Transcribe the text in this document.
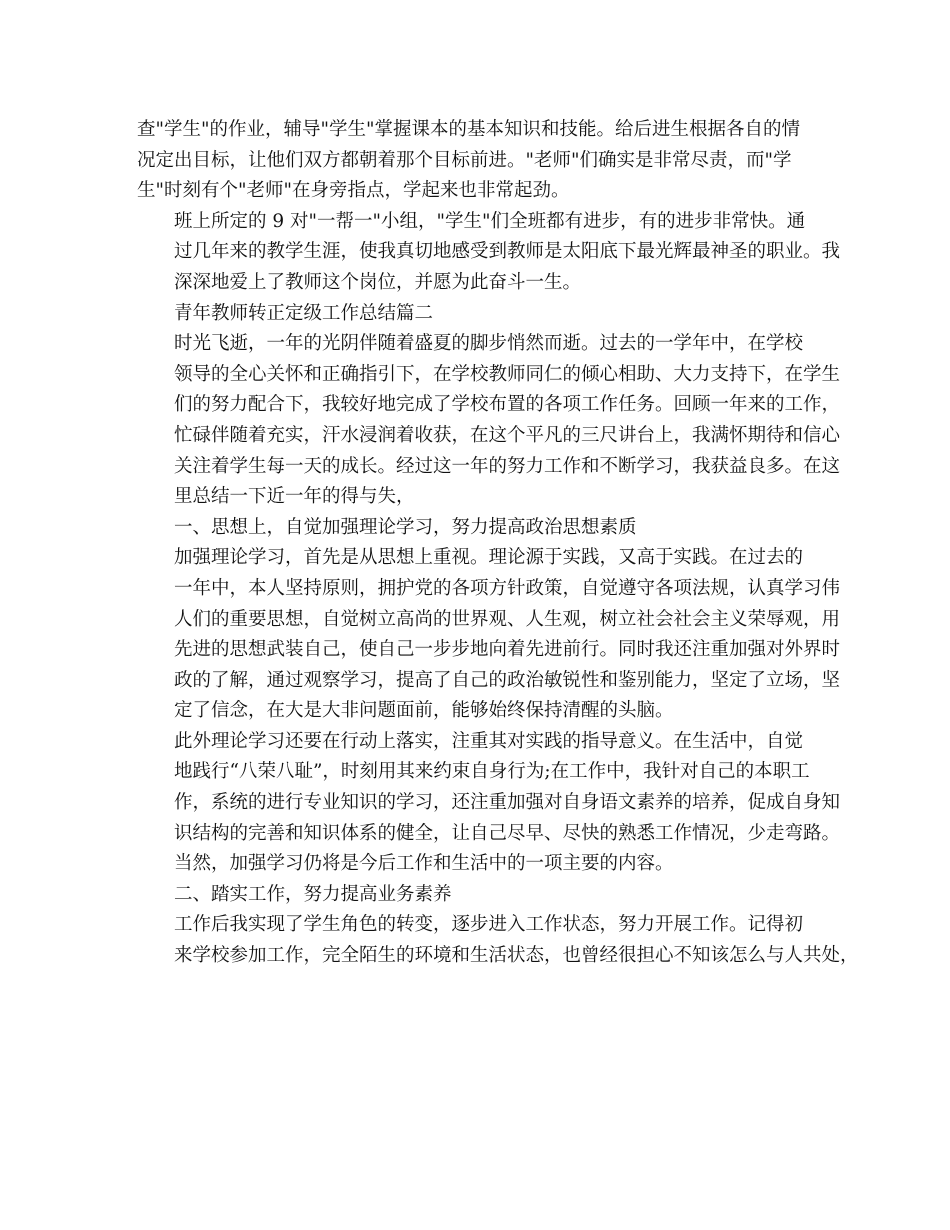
查"学生"的作业，辅导"学生"掌握课本的基本知识和技能。给后进生根据各自的情
况定出目标，让他们双方都朝着那个目标前进。"老师"们确实是非常尽责，而"学
生"时刻有个"老师"在身旁指点，学起来也非常起劲。

班上所定的 9 对"一帮一"小组，"学生"们全班都有进步，有的进步非常快。通
过几年来的教学生涯，使我真切地感受到教师是太阳底下最光辉最神圣的职业。我
深深地爱上了教师这个岗位，并愿为此奋斗一生。

青年教师转正定级工作总结篇二

时光飞逝，一年的光阴伴随着盛夏的脚步悄然而逝。过去的一学年中，在学校
领导的全心关怀和正确指引下，在学校教师同仁的倾心相助、大力支持下，在学生
们的努力配合下，我较好地完成了学校布置的各项工作任务。回顾一年来的工作，
忙碌伴随着充实，汗水浸润着收获，在这个平凡的三尺讲台上，我满怀期待和信心
关注着学生每一天的成长。经过这一年的努力工作和不断学习，我获益良多。在这
里总结一下近一年的得与失，

一、思想上，自觉加强理论学习，努力提高政治思想素质

加强理论学习，首先是从思想上重视。理论源于实践，又高于实践。在过去的
一年中，本人坚持原则，拥护党的各项方针政策，自觉遵守各项法规，认真学习伟
人们的重要思想，自觉树立高尚的世界观、人生观，树立社会社会主义荣辱观，用
先进的思想武装自己，使自己一步步地向着先进前行。同时我还注重加强对外界时
政的了解，通过观察学习，提高了自己的政治敏锐性和鉴别能力，坚定了立场，坚
定了信念，在大是大非问题面前，能够始终保持清醒的头脑。

此外理论学习还要在行动上落实，注重其对实践的指导意义。在生活中，自觉
地践行“八荣八耻”，时刻用其来约束自身行为;在工作中，我针对自己的本职工
作，系统的进行专业知识的学习，还注重加强对自身语文素养的培养，促成自身知
识结构的完善和知识体系的健全，让自己尽早、尽快的熟悉工作情况，少走弯路。

当然，加强学习仍将是今后工作和生活中的一项主要的内容。

二、踏实工作，努力提高业务素养

工作后我实现了学生角色的转变，逐步进入工作状态，努力开展工作。记得初
来学校参加工作，完全陌生的环境和生活状态，也曾经很担心不知该怎么与人共处，
